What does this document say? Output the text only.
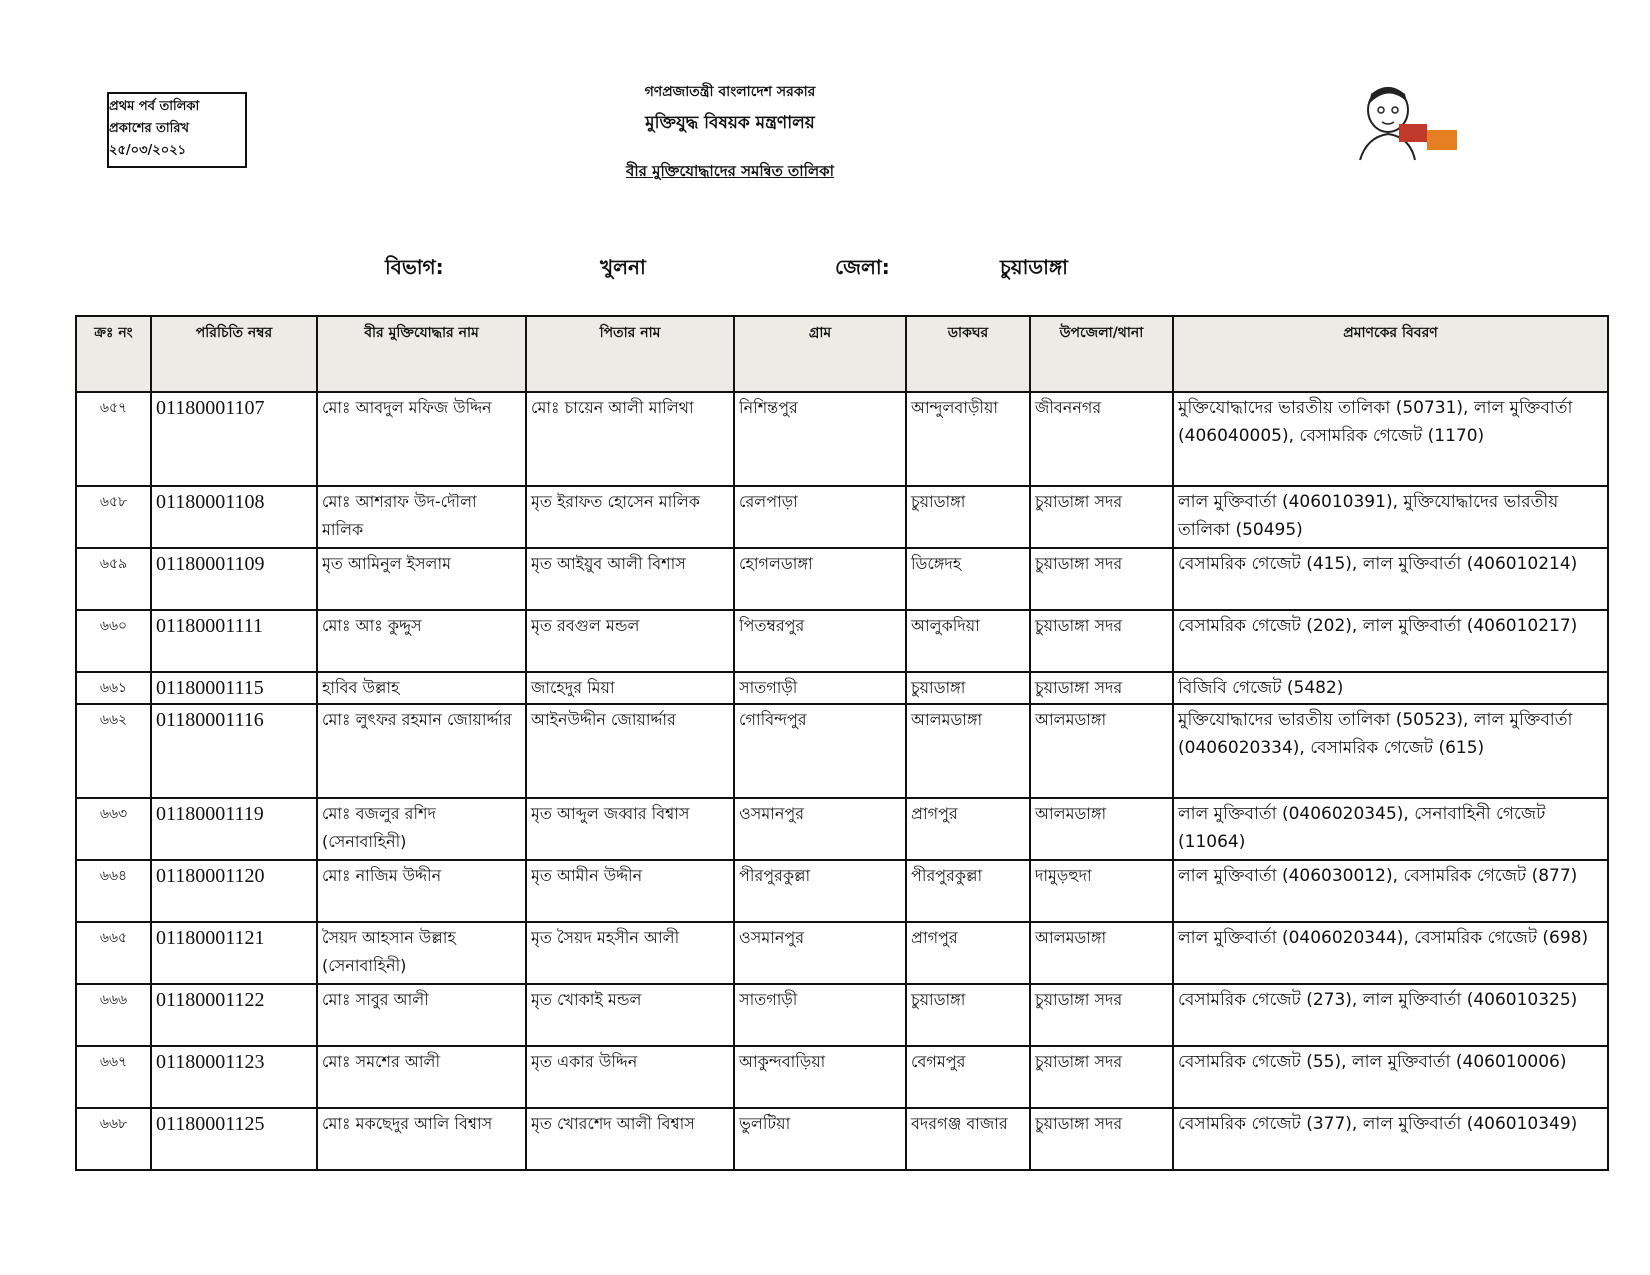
প্রথম পর্ব তালিকা
প্রকাশের তারিখ
২৫/০৩/২০২১
গণপ্রজাতন্ত্রী বাংলাদেশ সরকার
মুক্তিযুদ্ধ বিষয়ক মন্ত্রণালয়
বীর মুক্তিযোদ্ধাদের সমন্বিত তালিকা
বিভাগ:	খুলনা	জেলা:	চুয়াডাঙ্গা
ক্রঃ নং	পরিচিতি নম্বর	বীর মুক্তিযোদ্ধার নাম	পিতার নাম	গ্রাম	ডাকঘর	উপজেলা/থানা	প্রমাণকের বিবরণ
৬৫৭	01180001107	মোঃ আবদুল মফিজ উদ্দিন	মোঃ চায়েন আলী মালিথা	নিশিন্তপুর	আন্দুলবাড়ীয়া	জীবননগর	মুক্তিযোদ্ধাদের ভারতীয় তালিকা (50731), লাল মুক্তিবার্তা (406040005), বেসামরিক গেজেট (1170)
৬৫৮	01180001108	মোঃ আশরাফ উদ-দৌলা মালিক	মৃত ইরাফত হোসেন মালিক	রেলপাড়া	চুয়াডাঙ্গা	চুয়াডাঙ্গা সদর	লাল মুক্তিবার্তা (406010391), মুক্তিযোদ্ধাদের ভারতীয় তালিকা (50495)
৬৫৯	01180001109	মৃত আমিনুল ইসলাম	মৃত আইয়ুব আলী বিশাস	হোগলডাঙ্গা	ডিঙ্গেদহ	চুয়াডাঙ্গা সদর	বেসামরিক গেজেট (415), লাল মুক্তিবার্তা (406010214)
৬৬০	01180001111	মোঃ আঃ কুদ্দুস	মৃত রবগুল মন্ডল	পিতম্বরপুর	আলুকদিয়া	চুয়াডাঙ্গা সদর	বেসামরিক গেজেট (202), লাল মুক্তিবার্তা (406010217)
৬৬১	01180001115	হাবিব উল্লাহ	জাহেদুর মিয়া	সাতগাড়ী	চুয়াডাঙ্গা	চুয়াডাঙ্গা সদর	বিজিবি গেজেট (5482)
৬৬২	01180001116	মোঃ লুৎফর রহমান জোয়ার্দ্দার	আইনউদ্দীন জোয়ার্দ্দার	গোবিন্দপুর	আলমডাঙ্গা	আলমডাঙ্গা	মুক্তিযোদ্ধাদের ভারতীয় তালিকা (50523), লাল মুক্তিবার্তা (0406020334), বেসামরিক গেজেট (615)
৬৬৩	01180001119	মোঃ বজলুর রশিদ (সেনাবাহিনী)	মৃত আব্দুল জব্বার বিশ্বাস	ওসমানপুর	প্রাগপুর	আলমডাঙ্গা	লাল মুক্তিবার্তা (0406020345), সেনাবাহিনী গেজেট (11064)
৬৬৪	01180001120	মোঃ নাজিম উদ্দীন	মৃত আমীন উদ্দীন	পীরপুরকুল্লা	পীরপুরকুল্লা	দামুড়হুদা	লাল মুক্তিবার্তা (406030012), বেসামরিক গেজেট (877)
৬৬৫	01180001121	সৈয়দ আহসান উল্লাহ (সেনাবাহিনী)	মৃত সৈয়দ মহসীন আলী	ওসমানপুর	প্রাগপুর	আলমডাঙ্গা	লাল মুক্তিবার্তা (0406020344), বেসামরিক গেজেট (698)
৬৬৬	01180001122	মোঃ সাবুর আলী	মৃত খোকাই মন্ডল	সাতগাড়ী	চুয়াডাঙ্গা	চুয়াডাঙ্গা সদর	বেসামরিক গেজেট (273), লাল মুক্তিবার্তা (406010325)
৬৬৭	01180001123	মোঃ সমশের আলী	মৃত একার উদ্দিন	আকুন্দবাড়িয়া	বেগমপুর	চুয়াডাঙ্গা সদর	বেসামরিক গেজেট (55), লাল মুক্তিবার্তা (406010006)
৬৬৮	01180001125	মোঃ মকছেদুর আলি বিশ্বাস	মৃত খোরশেদ আলী বিশ্বাস	ভুলটিয়া	বদরগঞ্জ বাজার	চুয়াডাঙ্গা সদর	বেসামরিক গেজেট (377), লাল মুক্তিবার্তা (406010349)
